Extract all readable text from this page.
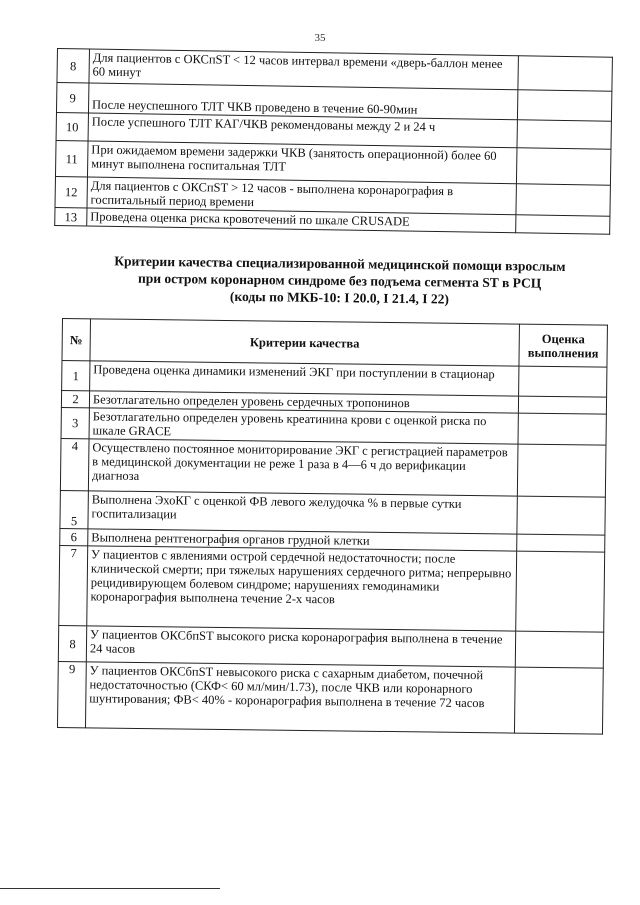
35
8	Для пациентов с ОКСпST < 12 часов интервал времени «дверь-баллон менее 60 минут	
9	После неуспешного ТЛТ ЧКВ проведено в течение 60-90мин	
10	После успешного ТЛТ КАГ/ЧКВ рекомендованы между 2 и 24 ч	
11	При ожидаемом времени задержки ЧКВ (занятость операционной) более 60 минут выполнена госпитальная ТЛТ	
12	Для пациентов с ОКСпST > 12 часов - выполнена коронарография в госпитальный период времени	
13	Проведена оценка риска кровотечений по шкале CRUSADE	
Критерии качества специализированной медицинской помощи взрослым
при остром коронарном синдроме без подъема сегмента ST в РСЦ
(коды по МКБ-10: I 20.0, I 21.4, I 22)
№	Критерии качества	Оценка выполнения
1	Проведена оценка динамики изменений ЭКГ при поступлении в стационар	
2	Безотлагательно определен уровень сердечных тропонинов	
3	Безотлагательно определен уровень креатинина крови с оценкой риска по шкале GRACE	
4	Осуществлено постоянное мониторирование ЭКГ с регистрацией параметров в медицинской документации не реже 1 раза в 4—6 ч до верификации диагноза	
5	Выполнена ЭхоКГ с оценкой ФВ левого желудочка % в первые сутки госпитализации	
6	Выполнена рентгенография органов грудной клетки	
7	У пациентов с явлениями острой сердечной недостаточности; после клинической смерти; при тяжелых нарушениях сердечного ритма; непрерывно рецидивирующем болевом синдроме; нарушениях гемодинамики коронарография выполнена течение 2-х часов	
8	У пациентов ОКСбпST высокого риска коронарография выполнена в течение 24 часов	
9	У пациентов ОКСбпST невысокого риска с сахарным диабетом, почечной недостаточностью (СКФ< 60 мл/мин/1.73), после ЧКВ или коронарного шунтирования; ФВ< 40% - коронарография выполнена в течение 72 часов	
